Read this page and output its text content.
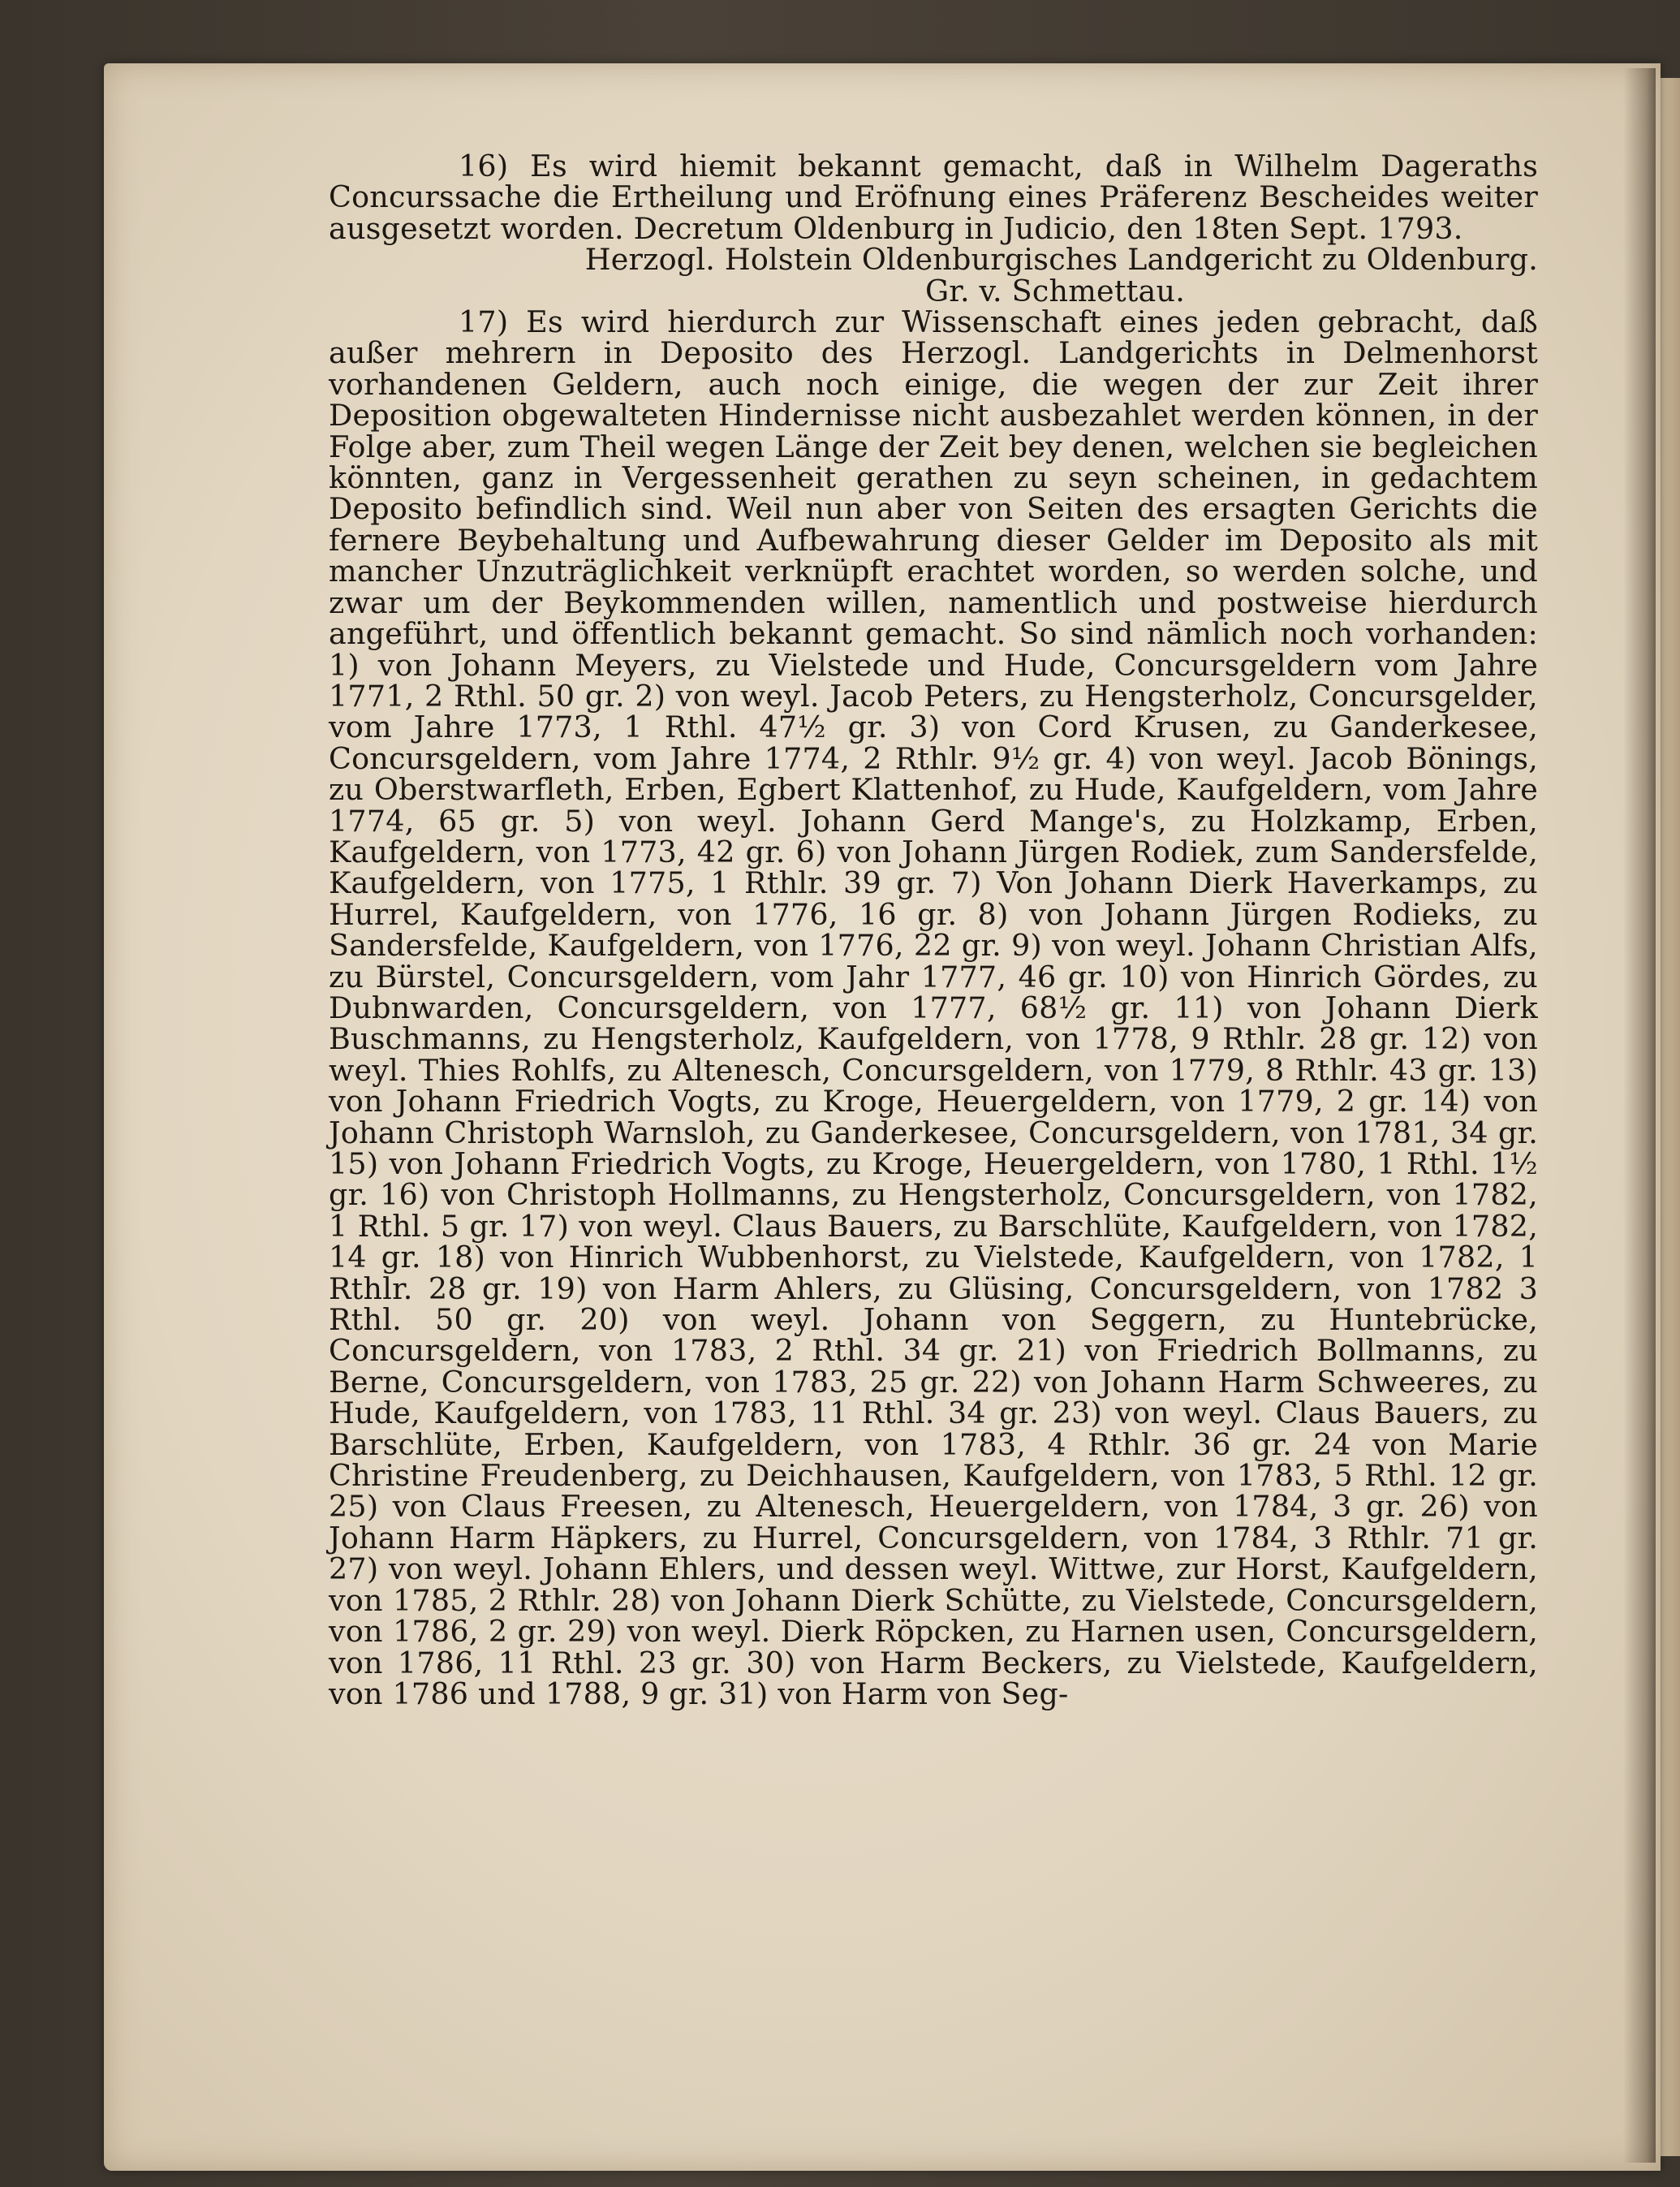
16) Es wird hiemit bekannt gemacht, daß in Wilhelm Dageraths Concurssache die Ertheilung und Eröfnung eines Präferenz Bescheides weiter ausgesetzt worden. Decretum Oldenburg in Judicio, den 18ten Sept. 1793.

Herzogl. Holstein Oldenburgisches Landgericht zu Oldenburg.

Gr. v. Schmettau.

17) Es wird hierdurch zur Wissenschaft eines jeden gebracht, daß außer mehrern in Deposito des Herzogl. Landgerichts in Delmenhorst vorhandenen Geldern, auch noch einige, die wegen der zur Zeit ihrer Deposition obgewalteten Hindernisse nicht ausbezahlet werden können, in der Folge aber, zum Theil wegen Länge der Zeit bey denen, welchen sie begleichen könnten, ganz in Vergessenheit gerathen zu seyn scheinen, in gedachtem Deposito befindlich sind. Weil nun aber von Seiten des ersagten Gerichts die fernere Beybehaltung und Aufbewahrung dieser Gelder im Deposito als mit mancher Unzuträglichkeit verknüpft erachtet worden, so werden solche, und zwar um der Beykommenden willen, namentlich und postweise hierdurch angeführt, und öffentlich bekannt gemacht. So sind nämlich noch vorhanden: 1) von Johann Meyers, zu Vielstede und Hude, Concursgeldern vom Jahre 1771, 2 Rthl. 50 gr. 2) von weyl. Jacob Peters, zu Hengsterholz, Concursgelder, vom Jahre 1773, 1 Rthl. 47½ gr. 3) von Cord Krusen, zu Ganderkesee, Concursgeldern, vom Jahre 1774, 2 Rthlr. 9½ gr. 4) von weyl. Jacob Bönings, zu Oberstwarfleth, Erben, Egbert Klattenhof, zu Hude, Kaufgeldern, vom Jahre 1774, 65 gr. 5) von weyl. Johann Gerd Mange's, zu Holzkamp, Erben, Kaufgeldern, von 1773, 42 gr. 6) von Johann Jürgen Rodiek, zum Sandersfelde, Kaufgeldern, von 1775, 1 Rthlr. 39 gr. 7) Von Johann Dierk Haverkamps, zu Hurrel, Kaufgeldern, von 1776, 16 gr. 8) von Johann Jürgen Rodieks, zu Sandersfelde, Kaufgeldern, von 1776, 22 gr. 9) von weyl. Johann Christian Alfs, zu Bürstel, Concursgeldern, vom Jahr 1777, 46 gr. 10) von Hinrich Gördes, zu Dubnwarden, Concursgeldern, von 1777, 68½ gr. 11) von Johann Dierk Buschmanns, zu Hengsterholz, Kaufgeldern, von 1778, 9 Rthlr. 28 gr. 12) von weyl. Thies Rohlfs, zu Altenesch, Concursgeldern, von 1779, 8 Rthlr. 43 gr. 13) von Johann Friedrich Vogts, zu Kroge, Heuergeldern, von 1779, 2 gr. 14) von Johann Christoph Warnsloh, zu Ganderkesee, Concursgeldern, von 1781, 34 gr. 15) von Johann Friedrich Vogts, zu Kroge, Heuergeldern, von 1780, 1 Rthl. 1½ gr. 16) von Christoph Hollmanns, zu Hengsterholz, Concursgeldern, von 1782, 1 Rthl. 5 gr. 17) von weyl. Claus Bauers, zu Barschlüte, Kaufgeldern, von 1782, 14 gr. 18) von Hinrich Wubbenhorst, zu Vielstede, Kaufgeldern, von 1782, 1 Rthlr. 28 gr. 19) von Harm Ahlers, zu Glüsing, Concursgeldern, von 1782 3 Rthl. 50 gr. 20) von weyl. Johann von Seggern, zu Huntebrücke, Concursgeldern, von 1783, 2 Rthl. 34 gr. 21) von Friedrich Bollmanns, zu Berne, Concursgeldern, von 1783, 25 gr. 22) von Johann Harm Schweeres, zu Hude, Kaufgeldern, von 1783, 11 Rthl. 34 gr. 23) von weyl. Claus Bauers, zu Barschlüte, Erben, Kaufgeldern, von 1783, 4 Rthlr. 36 gr. 24 von Marie Christine Freudenberg, zu Deichhausen, Kaufgeldern, von 1783, 5 Rthl. 12 gr. 25) von Claus Freesen, zu Altenesch, Heuergeldern, von 1784, 3 gr. 26) von Johann Harm Häpkers, zu Hurrel, Concursgeldern, von 1784, 3 Rthlr. 71 gr. 27) von weyl. Johann Ehlers, und dessen weyl. Wittwe, zur Horst, Kaufgeldern, von 1785, 2 Rthlr. 28) von Johann Dierk Schütte, zu Vielstede, Concursgeldern, von 1786, 2 gr. 29) von weyl. Dierk Röpcken, zu Harnen usen, Concursgeldern, von 1786, 11 Rthl. 23 gr. 30) von Harm Beckers, zu Vielstede, Kaufgeldern, von 1786 und 1788, 9 gr. 31) von Harm von Seg-
